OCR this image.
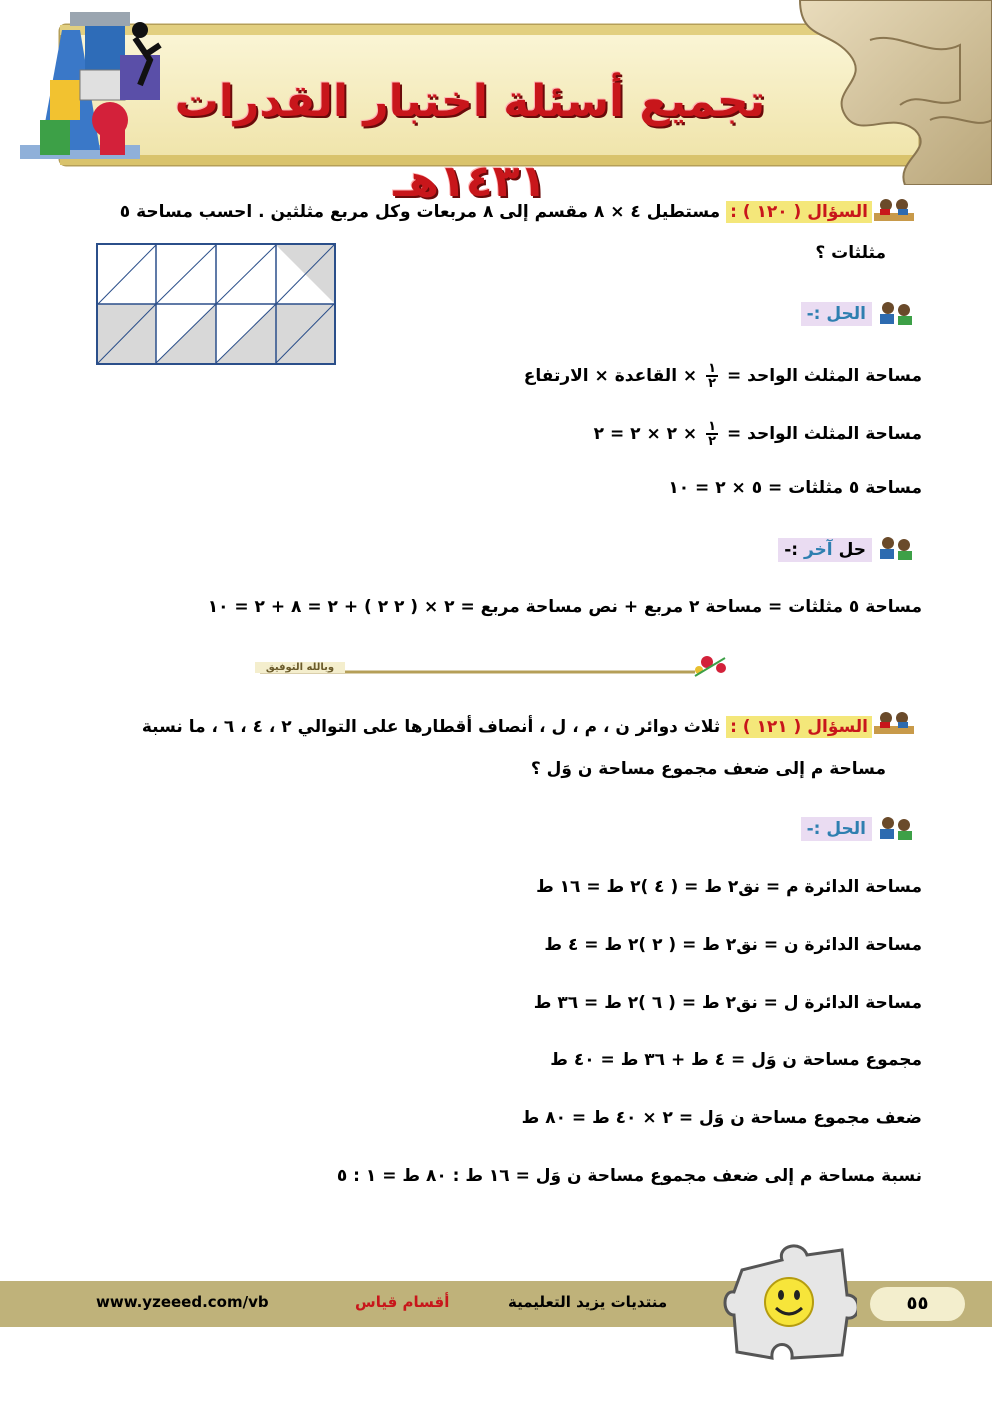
تجميع أسئلة اختبار القدرات ١٤٣١هـ
السؤال ( ١٢٠ ) : مستطيل ٤ × ٨ مقسم إلى ٨ مربعات وكل مربع مثلثين . احسب مساحة ٥
مثلثات ؟
الحل :-
مساحة المثلث الواحد =
$\frac{١}{٢}$
× القاعدة × الارتفاع
مساحة المثلث الواحد =
$\frac{١}{٢}$
× ٢ × ٢ = ٢
مساحة ٥ مثلثات = ٥ × ٢ = ١٠
حل آخر :-
مساحة ٥ مثلثات = مساحة ٢ مربع + نص مساحة مربع = ٢ × ( ٢ ٢ ) + ٢ = ٨ + ٢ = ١٠
وبالله التوفيق
السؤال ( ١٢١ ) : ثلاث دوائر ن ، م ، ل ، أنصاف أقطارها على التوالي ٢ ، ٤ ، ٦ ، ما نسبة
مساحة م إلى ضعف مجموع مساحة ن وَل ؟
الحل :-
مساحة الدائرة م = نق٢ ط = ( ٤ )٢ ط = ١٦ ط
مساحة الدائرة ن = نق٢ ط = ( ٢ )٢ ط = ٤ ط
مساحة الدائرة ل = نق٢ ط = ( ٦ )٢ ط = ٣٦ ط
مجموع مساحة ن وَل = ٤ ط + ٣٦ ط = ٤٠ ط
ضعف مجموع مساحة ن وَل = ٢ × ٤٠ ط = ٨٠ ط
نسبة مساحة م إلى ضعف مجموع مساحة ن وَل = ١٦ ط : ٨٠ ط = ١ : ٥
www.yzeeed.com/vb	أقسام قياس	منتديات يزيد التعليمية	٥٥
